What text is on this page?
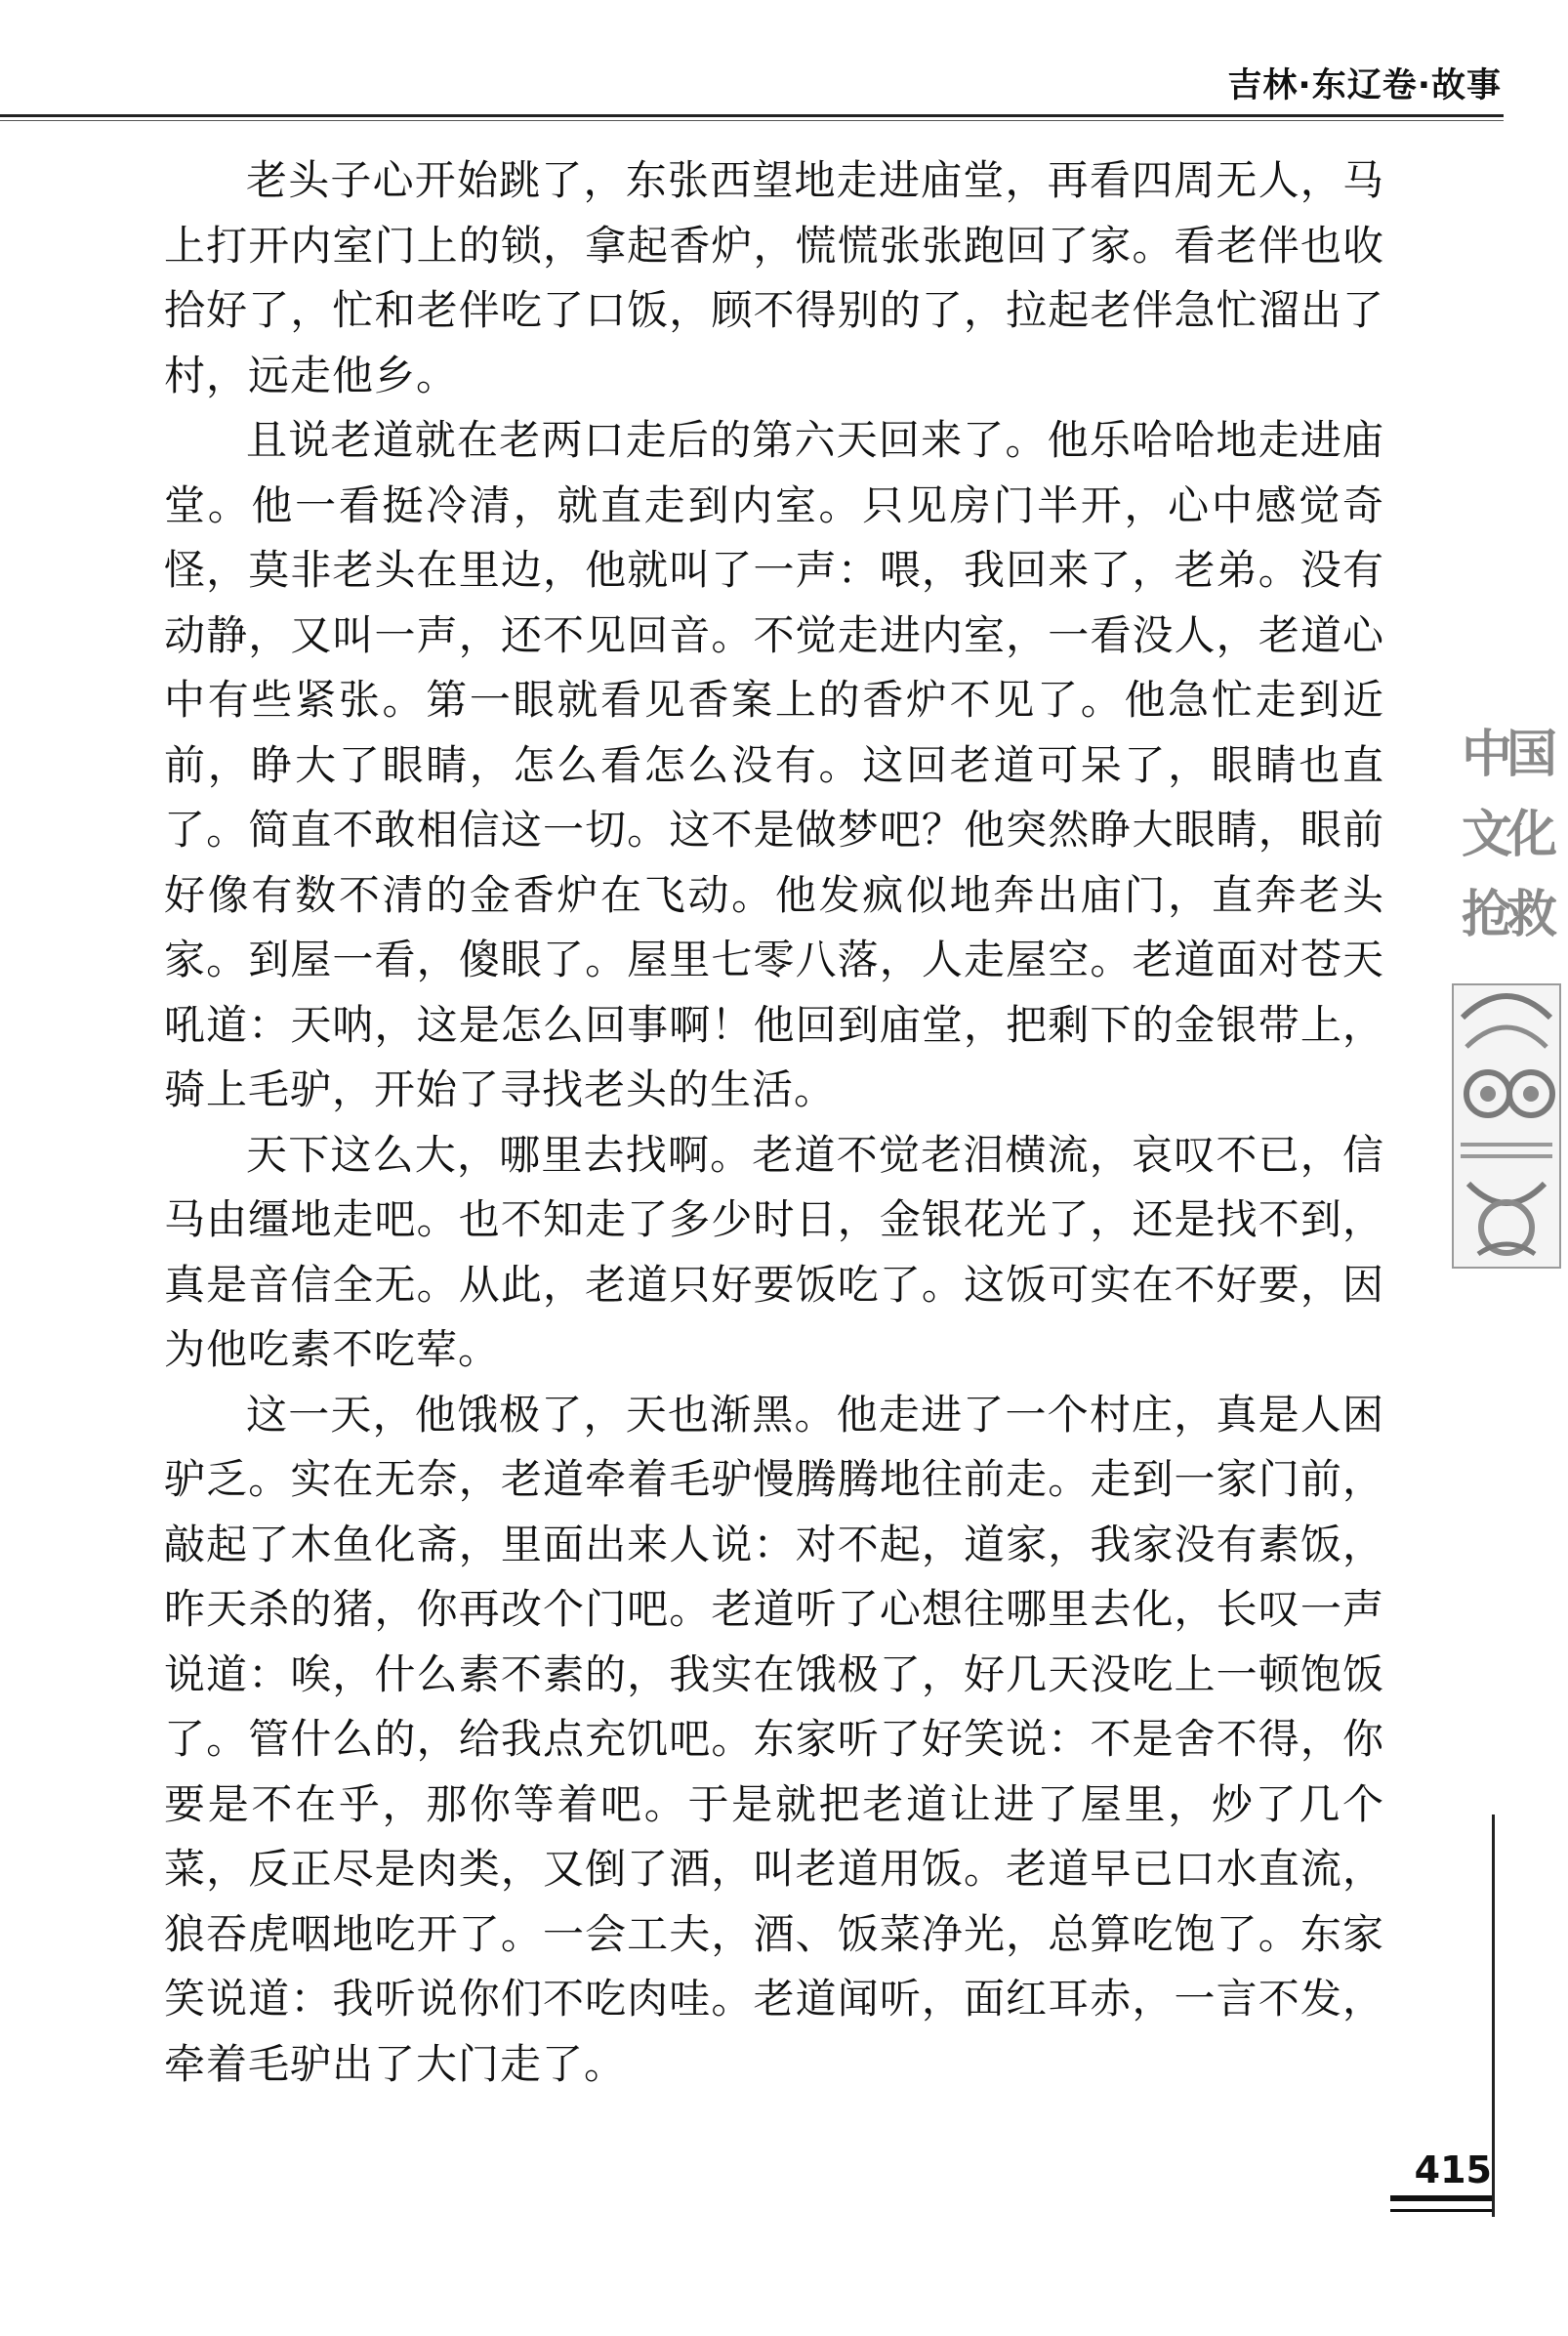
吉林·东辽卷·故事

老头子心开始跳了，东张西望地走进庙堂，再看四周无人，马上打开内室门上的锁，拿起香炉，慌慌张张跑回了家。看老伴也收拾好了，忙和老伴吃了口饭，顾不得别的了，拉起老伴急忙溜出了村，远走他乡。

且说老道就在老两口走后的第六天回来了。他乐哈哈地走进庙堂。他一看挺冷清，就直走到内室。只见房门半开，心中感觉奇怪，莫非老头在里边，他就叫了一声：喂，我回来了，老弟。没有动静，又叫一声，还不见回音。不觉走进内室，一看没人，老道心中有些紧张。第一眼就看见香案上的香炉不见了。他急忙走到近前，睁大了眼睛，怎么看怎么没有。这回老道可呆了，眼睛也直了。简直不敢相信这一切。这不是做梦吧？他突然睁大眼睛，眼前好像有数不清的金香炉在飞动。他发疯似地奔出庙门，直奔老头家。到屋一看，傻眼了。屋里七零八落，人走屋空。老道面对苍天吼道：天呐，这是怎么回事啊！他回到庙堂，把剩下的金银带上，骑上毛驴，开始了寻找老头的生活。

天下这么大，哪里去找啊。老道不觉老泪横流，哀叹不已，信马由缰地走吧。也不知走了多少时日，金银花光了，还是找不到，真是音信全无。从此，老道只好要饭吃了。这饭可实在不好要，因为他吃素不吃荤。

这一天，他饿极了，天也渐黑。他走进了一个村庄，真是人困驴乏。实在无奈，老道牵着毛驴慢腾腾地往前走。走到一家门前，敲起了木鱼化斋，里面出来人说：对不起，道家，我家没有素饭，昨天杀的猪，你再改个门吧。老道听了心想往哪里去化，长叹一声说道：唉，什么素不素的，我实在饿极了，好几天没吃上一顿饱饭了。管什么的，给我点充饥吧。东家听了好笑说：不是舍不得，你要是不在乎，那你等着吧。于是就把老道让进了屋里，炒了几个菜，反正尽是肉类，又倒了酒，叫老道用饭。老道早已口水直流，狼吞虎咽地吃开了。一会工夫，酒、饭菜净光，总算吃饱了。东家笑说道：我听说你们不吃肉哇。老道闻听，面红耳赤，一言不发，牵着毛驴出了大门走了。

中国
文化
抢救
415
